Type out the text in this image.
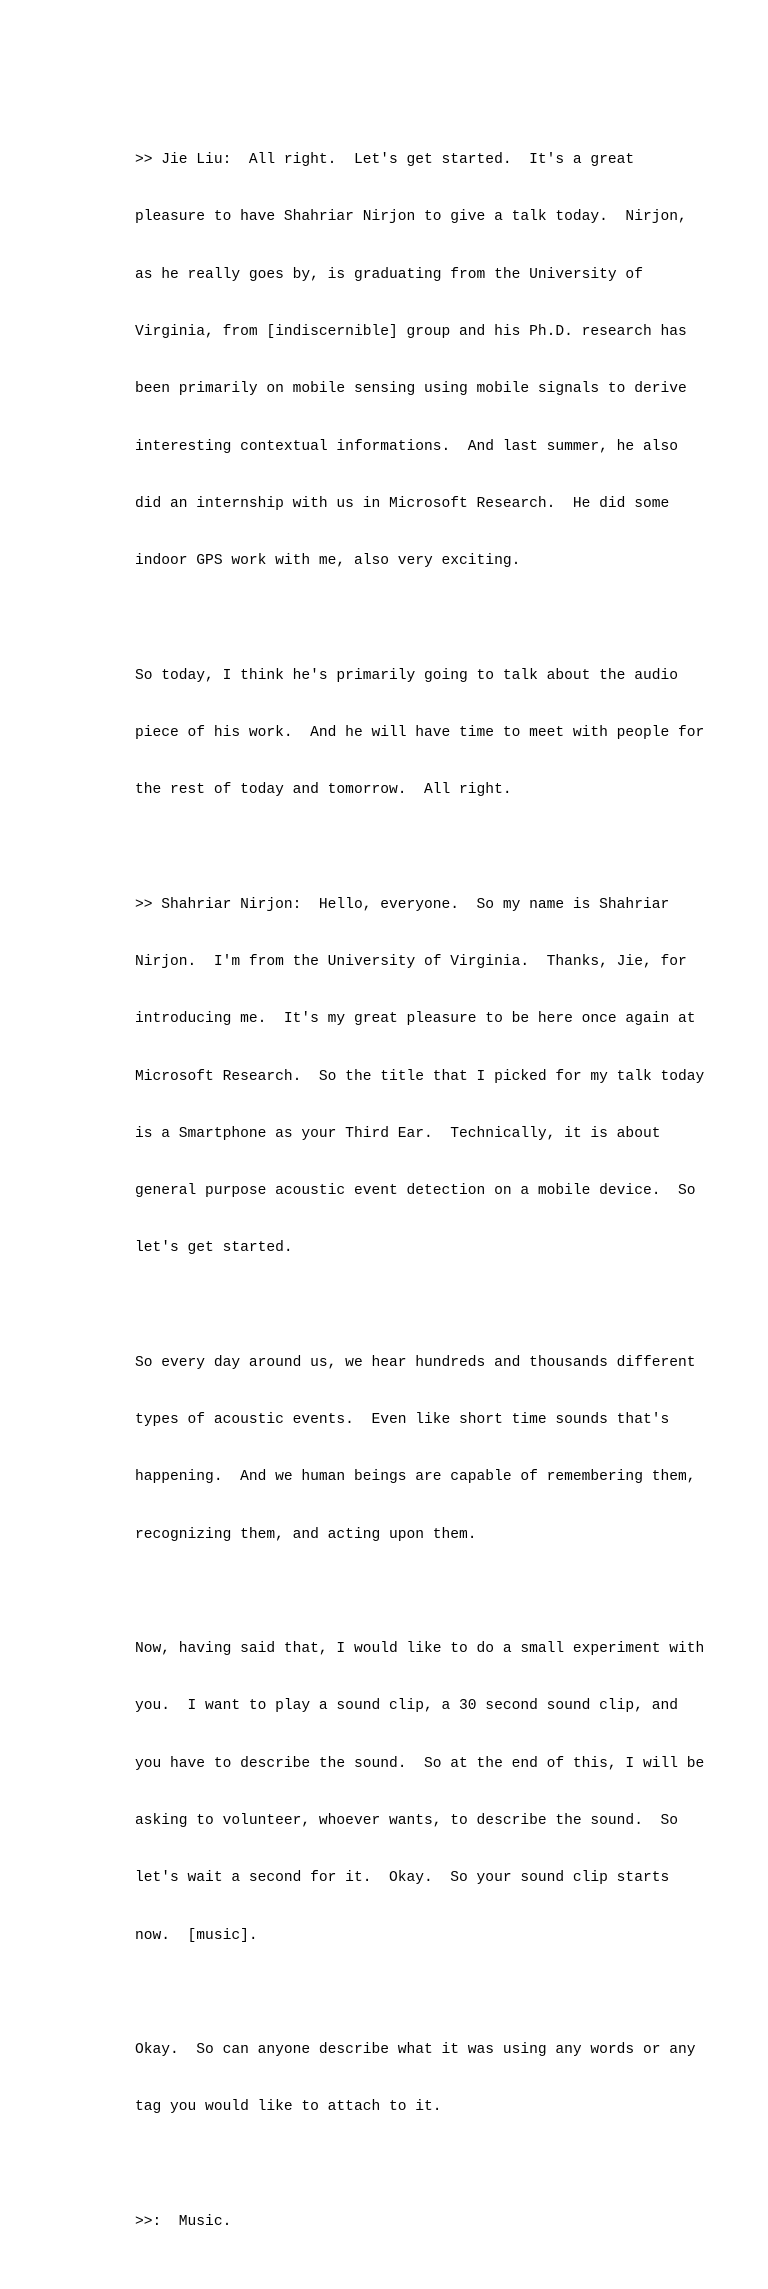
>> Jie Liu:  All right.  Let's get started.  It's a great

pleasure to have Shahriar Nirjon to give a talk today.  Nirjon,

as he really goes by, is graduating from the University of

Virginia, from [indiscernible] group and his Ph.D. research has

been primarily on mobile sensing using mobile signals to derive

interesting contextual informations.  And last summer, he also

did an internship with us in Microsoft Research.  He did some

indoor GPS work with me, also very exciting.

So today, I think he's primarily going to talk about the audio

piece of his work.  And he will have time to meet with people for

the rest of today and tomorrow.  All right.

>> Shahriar Nirjon:  Hello, everyone.  So my name is Shahriar

Nirjon.  I'm from the University of Virginia.  Thanks, Jie, for

introducing me.  It's my great pleasure to be here once again at

Microsoft Research.  So the title that I picked for my talk today

is a Smartphone as your Third Ear.  Technically, it is about

general purpose acoustic event detection on a mobile device.  So

let's get started.

So every day around us, we hear hundreds and thousands different

types of acoustic events.  Even like short time sounds that's

happening.  And we human beings are capable of remembering them,

recognizing them, and acting upon them.

Now, having said that, I would like to do a small experiment with

you.  I want to play a sound clip, a 30 second sound clip, and

you have to describe the sound.  So at the end of this, I will be

asking to volunteer, whoever wants, to describe the sound.  So

let's wait a second for it.  Okay.  So your sound clip starts

now.  [music].

Okay.  So can anyone describe what it was using any words or any

tag you would like to attach to it.

>>:  Music.
